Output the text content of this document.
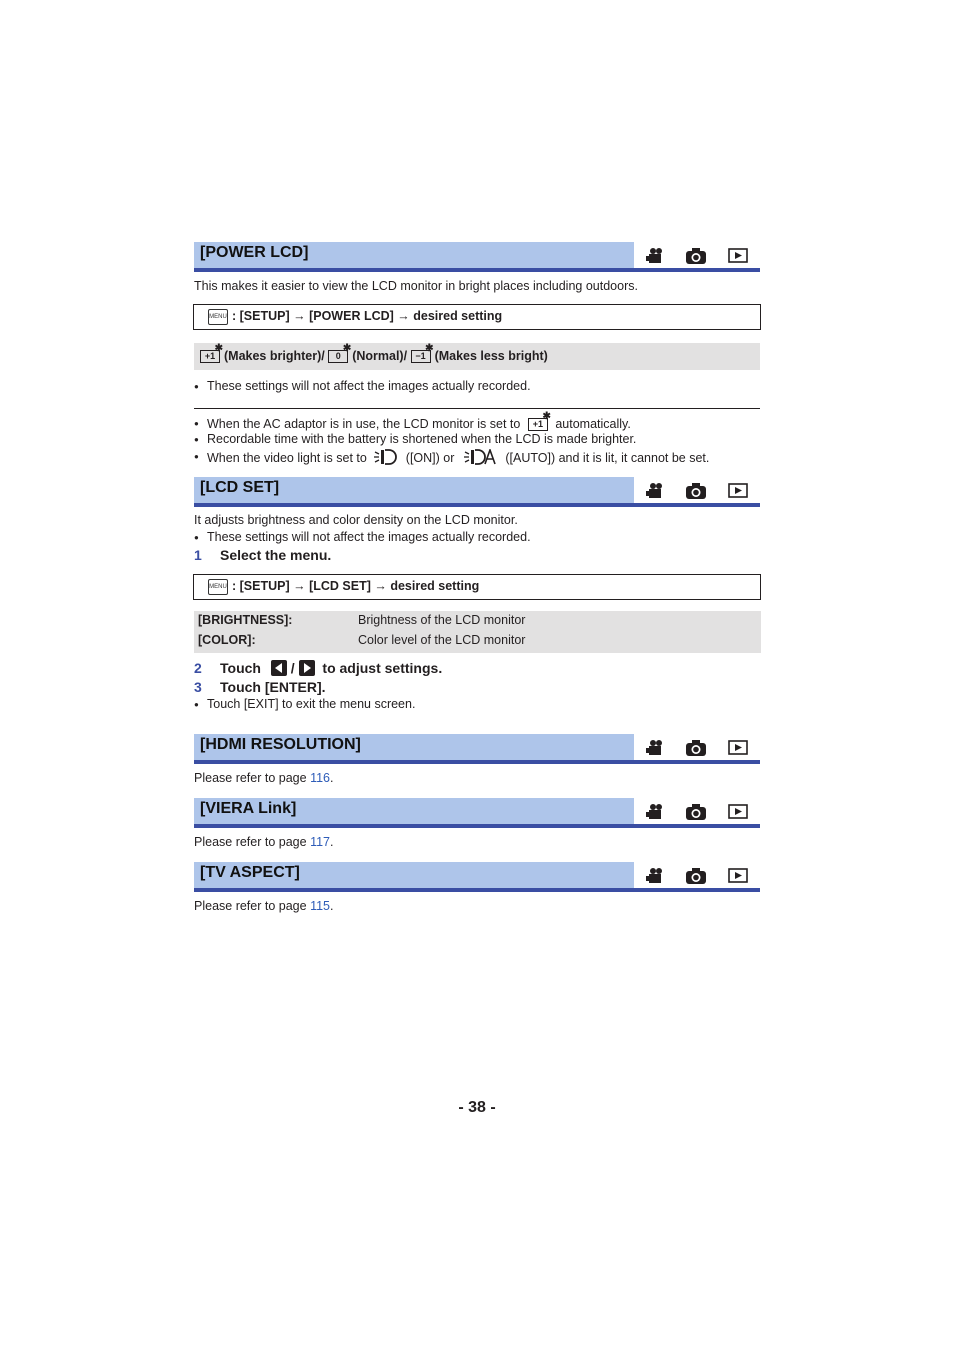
[POWER LCD]
This makes it easier to view the LCD monitor in bright places including outdoors.
MENU : [SETUP] → [POWER LCD] → desired setting
+1
✱
(Makes brighter)/	0
✱
(Normal)/ −1
✱
(Makes less bright)
● These settings will not affect the images actually recorded.
● When the AC adaptor is in use, the LCD monitor is set to	+1
✱
automatically.
● Recordable time with the battery is shortened when the LCD is made brighter.
● When the video light is set to	([ON]) or	([AUTO]) and it is lit, it cannot be set.
[LCD SET]
It adjusts brightness and color density on the LCD monitor.
● These settings will not affect the images actually recorded.
1 Select the menu.
MENU : [SETUP] → [LCD SET] → desired setting
[BRIGHTNESS]:	Brightness of the LCD monitor
[COLOR]:	Color level of the LCD monitor
2 Touch / to adjust settings.
3 Touch [ENTER].
● Touch [EXIT] to exit the menu screen.
[HDMI RESOLUTION]
Please refer to page 116.
[VIERA Link]
Please refer to page 117.
[TV ASPECT]
Please refer to page 115.
- 38 -
